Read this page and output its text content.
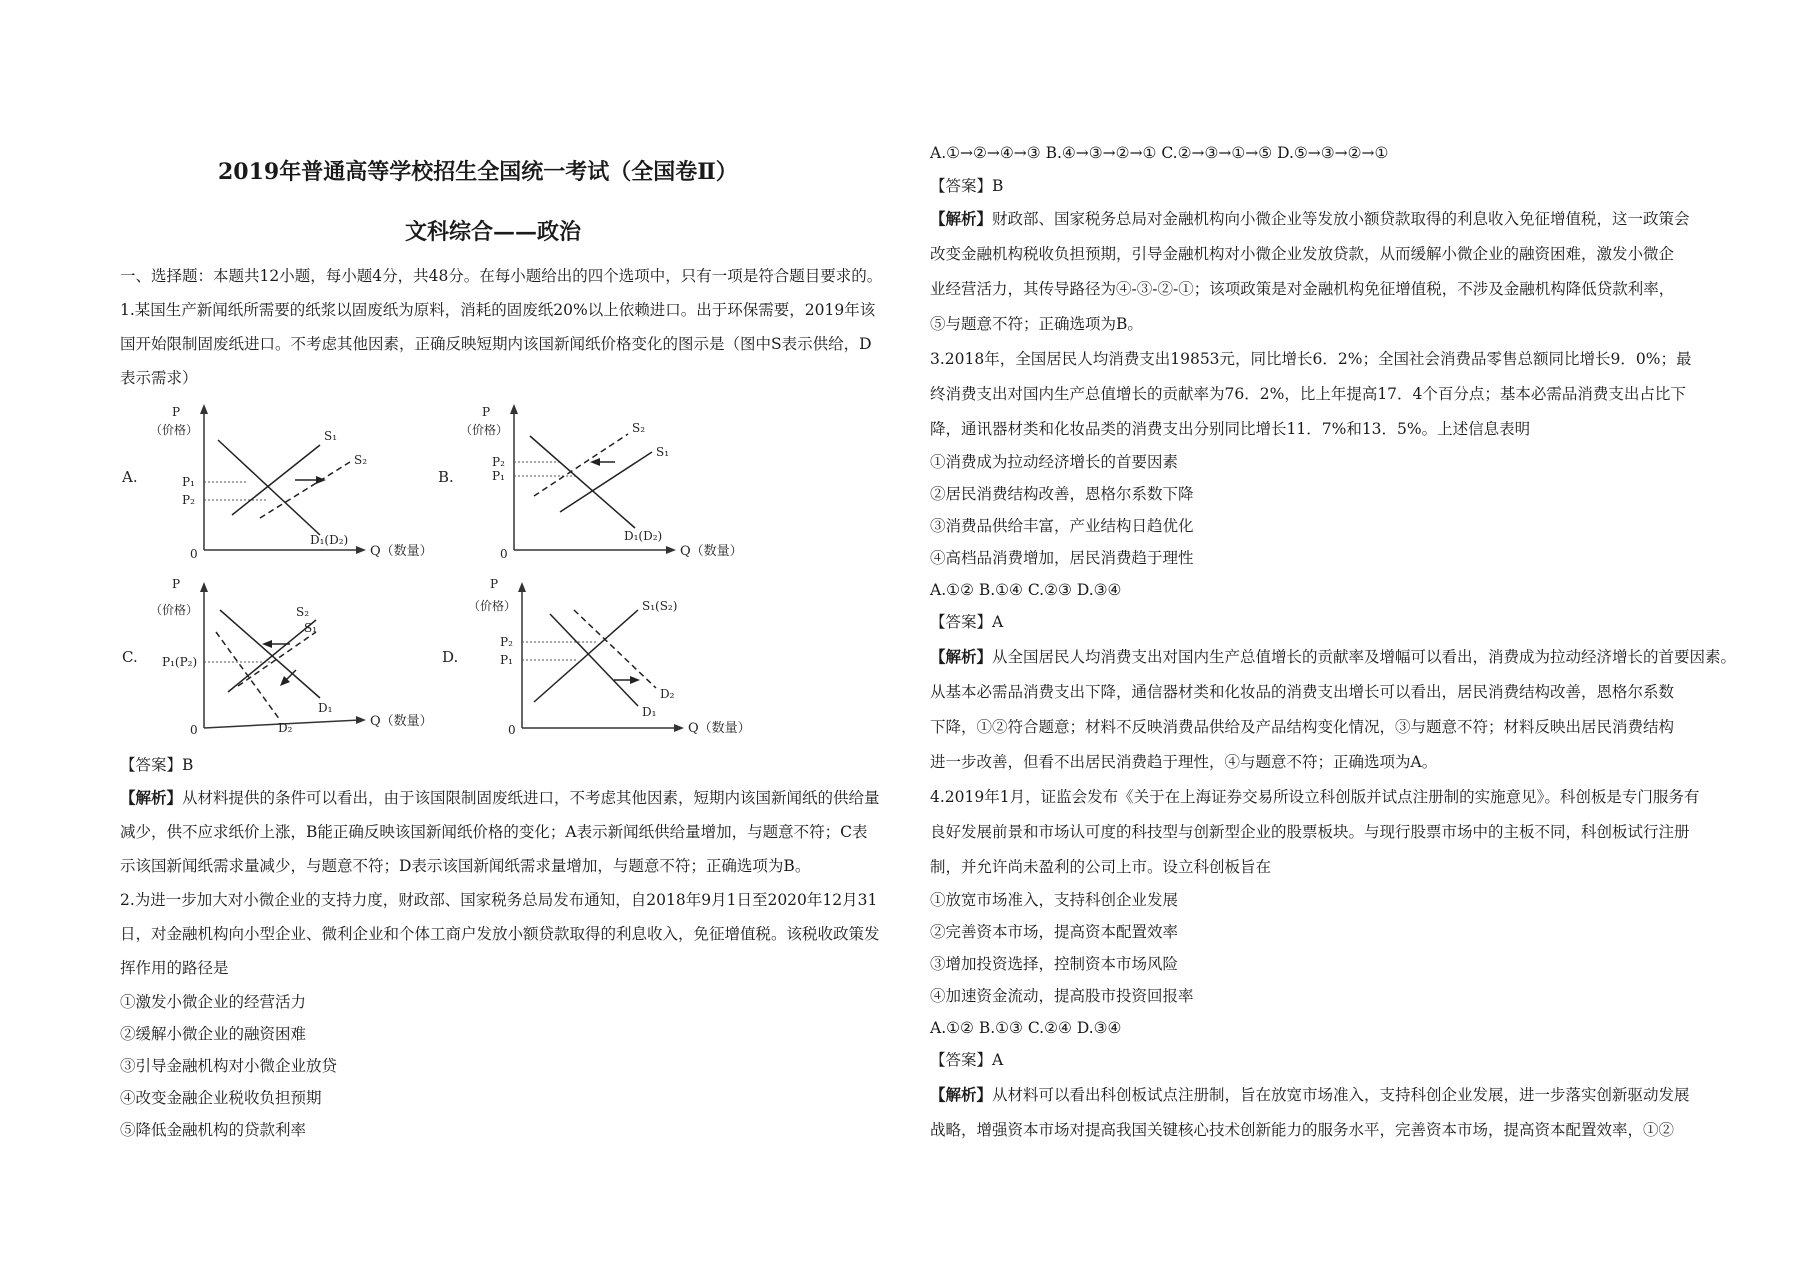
2019年普通高等学校招生全国统一考试（全国卷Ⅱ）
文科综合——政治
一、选择题：本题共12小题，每小题4分，共48分。在每小题给出的四个选项中，只有一项是符合题目要求的。
1.某国生产新闻纸所需要的纸浆以固废纸为原料，消耗的固废纸20%以上依赖进口。出于环保需要，2019年该
国开始限制固废纸进口。不考虑其他因素，正确反映短期内该国新闻纸价格变化的图示是（图中S表示供给，D
表示需求）
A.
P
（价格）
0	Q（数量）
P₁
P₂
S₁
S₂
D₁(D₂)
B.
P
（价格）
0	Q（数量）
P₂
P₁
S₂
S₁
D₁(D₂)
C.
P
（价格）
0
Q（数量）
P₁(P₂)
S₂
S₁
D₁
D₂
D.
P
（价格）
0	Q（数量）
P₂
P₁
S₁(S₂)
D₂
D₁
【答案】B
【解析】从材料提供的条件可以看出，由于该国限制固废纸进口，不考虑其他因素，短期内该国新闻纸的供给量
减少，供不应求纸价上涨，B能正确反映该国新闻纸价格的变化；A表示新闻纸供给量增加，与题意不符；C表
示该国新闻纸需求量减少，与题意不符；D表示该国新闻纸需求量增加，与题意不符；正确选项为B。
2.为进一步加大对小微企业的支持力度，财政部、国家税务总局发布通知，自2018年9月1日至2020年12月31
日，对金融机构向小型企业、微利企业和个体工商户发放小额贷款取得的利息收入，免征增值税。该税收政策发
挥作用的路径是
①激发小微企业的经营活力
②缓解小微企业的融资困难
③引导金融机构对小微企业放贷
④改变金融企业税收负担预期
⑤降低金融机构的贷款利率
A.①→②→④→③ B.④→③→②→① C.②→③→①→⑤ D.⑤→③→②→①
【答案】B
【解析】财政部、国家税务总局对金融机构向小微企业等发放小额贷款取得的利息收入免征增值税，这一政策会
改变金融机构税收负担预期，引导金融机构对小微企业发放贷款，从而缓解小微企业的融资困难，激发小微企
业经营活力，其传导路径为④-③-②-①；该项政策是对金融机构免征增值税，不涉及金融机构降低贷款利率，
⑤与题意不符；正确选项为B。
3.2018年，全国居民人均消费支出19853元，同比增长6．2%；全国社会消费品零售总额同比增长9．0%；最
终消费支出对国内生产总值增长的贡献率为76．2%，比上年提高17．4个百分点；基本必需品消费支出占比下
降，通讯器材类和化妆品类的消费支出分别同比增长11．7%和13．5%。上述信息表明
①消费成为拉动经济增长的首要因素
②居民消费结构改善，恩格尔系数下降
③消费品供给丰富，产业结构日趋优化
④高档品消费增加，居民消费趋于理性
A.①② B.①④ C.②③ D.③④
【答案】A
【解析】从全国居民人均消费支出对国内生产总值增长的贡献率及增幅可以看出，消费成为拉动经济增长的首要因素。
从基本必需品消费支出下降，通信器材类和化妆品的消费支出增长可以看出，居民消费结构改善，恩格尔系数
下降，①②符合题意；材料不反映消费品供给及产品结构变化情况，③与题意不符；材料反映出居民消费结构
进一步改善，但看不出居民消费趋于理性，④与题意不符；正确选项为A。
4.2019年1月，证监会发布《关于在上海证券交易所设立科创版并试点注册制的实施意见》。科创板是专门服务有
良好发展前景和市场认可度的科技型与创新型企业的股票板块。与现行股票市场中的主板不同，科创板试行注册
制，并允许尚未盈利的公司上市。设立科创板旨在
①放宽市场准入，支持科创企业发展
②完善资本市场，提高资本配置效率
③增加投资选择，控制资本市场风险
④加速资金流动，提高股市投资回报率
A.①② B.①③ C.②④ D.③④
【答案】A
【解析】从材料可以看出科创板试点注册制，旨在放宽市场准入，支持科创企业发展，进一步落实创新驱动发展
战略，增强资本市场对提高我国关键核心技术创新能力的服务水平，完善资本市场，提高资本配置效率，①②
